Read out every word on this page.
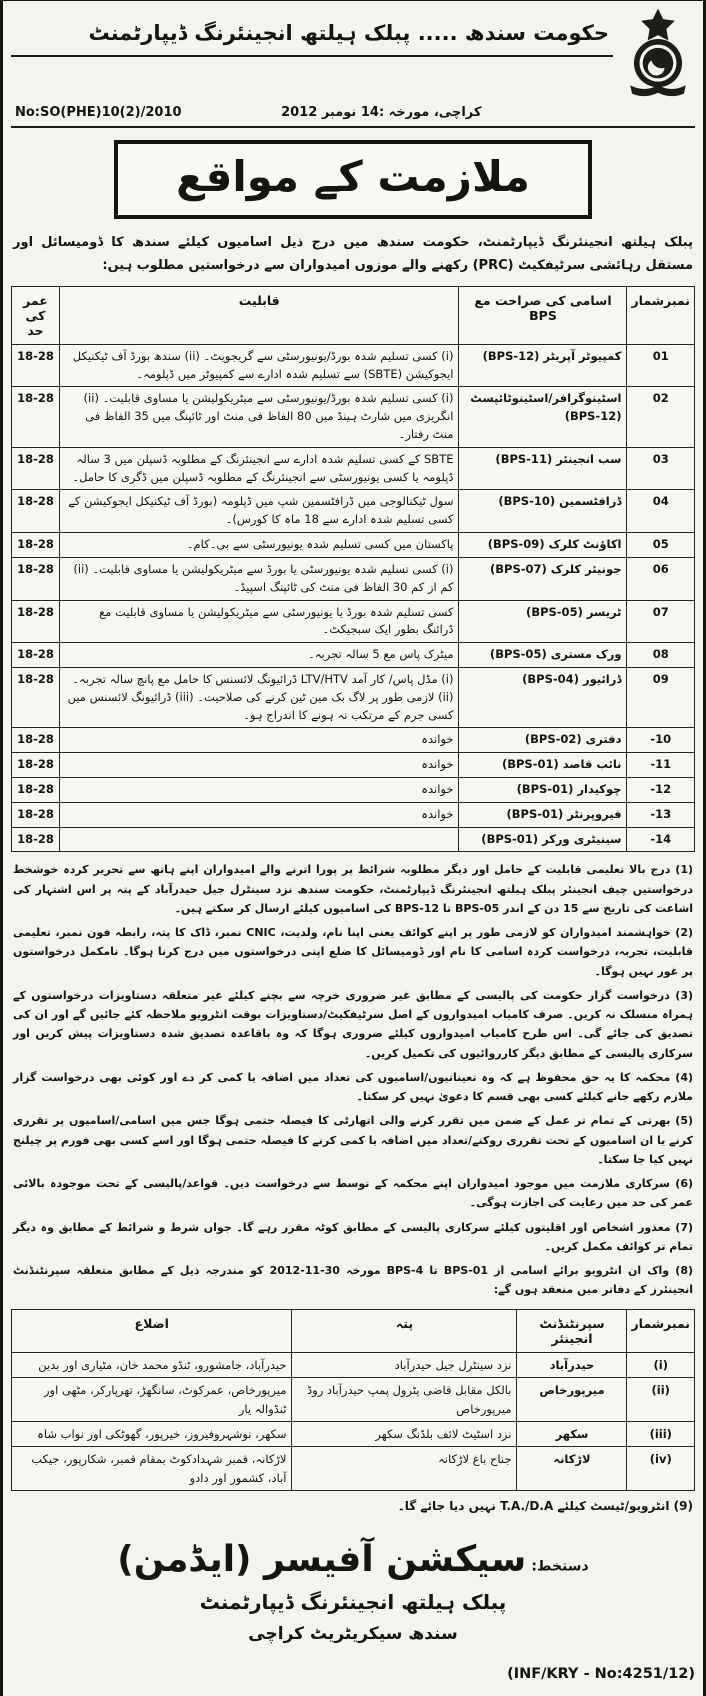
حکومت سندھ ..... پبلک ہیلتھ انجینئرنگ ڈیپارٹمنٹ
No:SO(PHE)10(2)/2010	کراچی، مورخہ :14 نومبر 2012
ملازمت کے مواقع

پبلک ہیلتھ انجینئرنگ ڈیپارٹمنٹ، حکومت سندھ میں درج ذیل اسامیوں کیلئے سندھ کا ڈومیسائل اور مستقل رہائشی سرٹیفکیٹ (PRC) رکھنے والے موزوں امیدواران سے درخواستیں مطلوب ہیں:

نمبرشمار	اسامی کی صراحت مع BPS	قابلیت	عمر کی حد
01	کمپیوٹر آپریٹر (BPS-12)	(i) کسی تسلیم شدہ بورڈ/یونیورسٹی سے گریجویٹ۔ (ii) سندھ بورڈ آف ٹیکنیکل ایجوکیشن (SBTE) سے تسلیم شدہ ادارے سے کمپیوٹر میں ڈپلومہ۔	18-28
02	اسٹینوگرافر/اسٹینوٹائپسٹ (BPS-12)	(i) کسی تسلیم شدہ بورڈ/یونیورسٹی سے میٹریکولیشن یا مساوی قابلیت۔ (ii) انگریزی میں شارٹ ہینڈ میں 80 الفاظ فی منٹ اور ٹائپنگ میں 35 الفاظ فی منٹ رفتار۔	18-28
03	سب انجینئر (BPS-11)	SBTE کے کسی تسلیم شدہ ادارے سے انجینئرنگ کے مطلوبہ ڈسپلن میں 3 سالہ ڈپلومہ یا کسی یونیورسٹی سے انجینئرنگ کے مطلوبہ ڈسپلن میں ڈگری کا حامل۔	18-28
04	ڈرافٹسمین (BPS-10)	سول ٹیکنالوجی میں ڈرافٹسمین شپ میں ڈپلومہ (بورڈ آف ٹیکنیکل ایجوکیشن کے کسی تسلیم شدہ ادارے سے 18 ماہ کا کورس)۔	18-28
05	اکاؤنٹ کلرک (BPS-09)	پاکستان میں کسی تسلیم شدہ یونیورسٹی سے بی۔کام۔	18-28
06	جونیئر کلرک (BPS-07)	(i) کسی تسلیم شدہ یونیورسٹی یا بورڈ سے میٹریکولیشن یا مساوی قابلیت۔ (ii) کم از کم 30 الفاظ فی منٹ کی ٹائپنگ اسپیڈ۔	18-28
07	ٹریسر (BPS-05)	کسی تسلیم شدہ بورڈ یا یونیورسٹی سے میٹریکولیشن یا مساوی قابلیت مع ڈرائنگ بطور ایک سبجیکٹ۔	18-28
08	ورک مستری (BPS-05)	میٹرک پاس مع 5 سالہ تجربہ۔	18-28
09	ڈرائیور (BPS-04)	(i) مڈل پاس/ کار آمد LTV/HTV ڈرائیونگ لائسنس کا حامل مع پانچ سالہ تجربہ۔ (ii) لازمی طور پر لاگ بک مین ٹین کرنے کی صلاحیت۔ (iii) ڈرائیونگ لائسنس میں کسی جرم کے مرتکب نہ ہونے کا اندراج ہو۔	18-28
-10	دفتری (BPS-02)	خواندہ	18-28
-11	نائب قاصد (BPS-01)	خواندہ	18-28
-12	چوکیدار (BPS-01)	خواندہ	18-28
-13	فیروپرنٹر (BPS-01)	خواندہ	18-28
-14	سینیٹری ورکر (BPS-01)		18-28

(1) درج بالا تعلیمی قابلیت کے حامل اور دیگر مطلوبہ شرائط پر پورا اترنے والے امیدواران اپنے ہاتھ سے تحریر کردہ خوشخط درخواستیں چیف انجینئر پبلک ہیلتھ انجینئرنگ ڈیپارٹمنٹ، حکومت سندھ نزد سینٹرل جیل حیدرآباد کے پتہ پر اس اشتہار کی اشاعت کی تاریخ سے 15 دن کے اندر BPS-05 تا BPS-12 کی اسامیوں کیلئے ارسال کر سکتے ہیں۔

(2) خواہشمند امیدواران کو لازمی طور پر اپنے کوائف یعنی اپنا نام، ولدیت، CNIC نمبر، ڈاک کا پتہ، رابطہ فون نمبر، تعلیمی قابلیت، تجربہ، درخواست کردہ اسامی کا نام اور ڈومیسائل کا ضلع اپنی درخواستوں میں درج کرنا ہوگا۔ نامکمل درخواستوں پر غور نہیں ہوگا۔

(3) درخواست گزار حکومت کی پالیسی کے مطابق غیر ضروری خرچہ سے بچنے کیلئے غیر متعلقہ دستاویزات درخواستوں کے ہمراہ منسلک نہ کریں۔ صرف کامیاب امیدواروں کے اصل سرٹیفکیٹ/دستاویزات بوقت انٹرویو ملاحظہ کئے جائیں گے اور ان کی تصدیق کی جائے گی۔ اس طرح کامیاب امیدواروں کیلئے ضروری ہوگا کہ وہ باقاعدہ تصدیق شدہ دستاویزات پیش کریں اور سرکاری پالیسی کے مطابق دیگر کارروائیوں کی تکمیل کریں۔

(4) محکمہ کا یہ حق محفوظ ہے کہ وہ تعیناتیوں/اسامیوں کی تعداد میں اضافہ یا کمی کر دے اور کوئی بھی درخواست گزار ملازم رکھے جانے کیلئے کسی بھی قسم کا دعویٰ نہیں کر سکتا۔

(5) بھرتی کے تمام تر عمل کے ضمن میں تقرر کرنے والی اتھارٹی کا فیصلہ حتمی ہوگا جس میں اسامی/اسامیوں پر تقرری کرنے یا ان اسامیوں کے تحت تقرری روکنے/تعداد میں اضافہ یا کمی کرنے کا فیصلہ حتمی ہوگا اور اسے کسی بھی فورم پر چیلنج نہیں کیا جا سکتا۔

(6) سرکاری ملازمت میں موجود امیدواران اپنے محکمہ کے توسط سے درخواست دیں۔ قواعد/پالیسی کے تحت موجودہ بالائی عمر کی حد میں رعایت کی اجازت ہوگی۔

(7) معذور اشخاص اور اقلیتوں کیلئے سرکاری پالیسی کے مطابق کوٹہ مقرر رہے گا۔ جواں شرط و شرائط کے مطابق وہ دیگر تمام تر کوائف مکمل کریں۔

(8) واک ان انٹرویو برائے اسامی از BPS-01 تا BPS-4 مورخہ 30-11-2012 کو مندرجہ ذیل کے مطابق متعلقہ سپرنٹنڈنٹ انجینئرز کے دفاتر میں منعقد ہوں گے:

نمبرشمار	سپرنٹنڈنٹ انجینئر	پتہ	اضلاع
(i)	حیدرآباد	نزد سینٹرل جیل حیدرآباد	حیدرآباد، جامشورو، ٹنڈو محمد خان، مٹیاری اور بدین
(ii)	میرپورخاص	بالکل مقابل قاضی پٹرول پمپ حیدرآباد روڈ میرپورخاص	میرپورخاص، عمرکوٹ، سانگھڑ، تھرپارکر، مٹھی اور ٹنڈوالہ یار
(iii)	سکھر	نزد اسٹیٹ لائف بلڈنگ سکھر	سکھر، نوشہروفیروز، خیرپور، گھوٹکی اور نواب شاہ
(iv)	لاڑکانہ	جناح باغ لاڑکانہ	لاڑکانہ، قمبر شہدادکوٹ بمقام قمبر، شکارپور، جیکب آباد، کشمور اور دادو

(9) انٹرویو/ٹیسٹ کیلئے T.A./D.A نہیں دیا جائے گا۔

دستخط: سیکشن آفیسر (ایڈمن)
پبلک ہیلتھ انجینئرنگ ڈیپارٹمنٹ
سندھ سیکریٹریٹ کراچی
(INF/KRY - No:4251/12)
